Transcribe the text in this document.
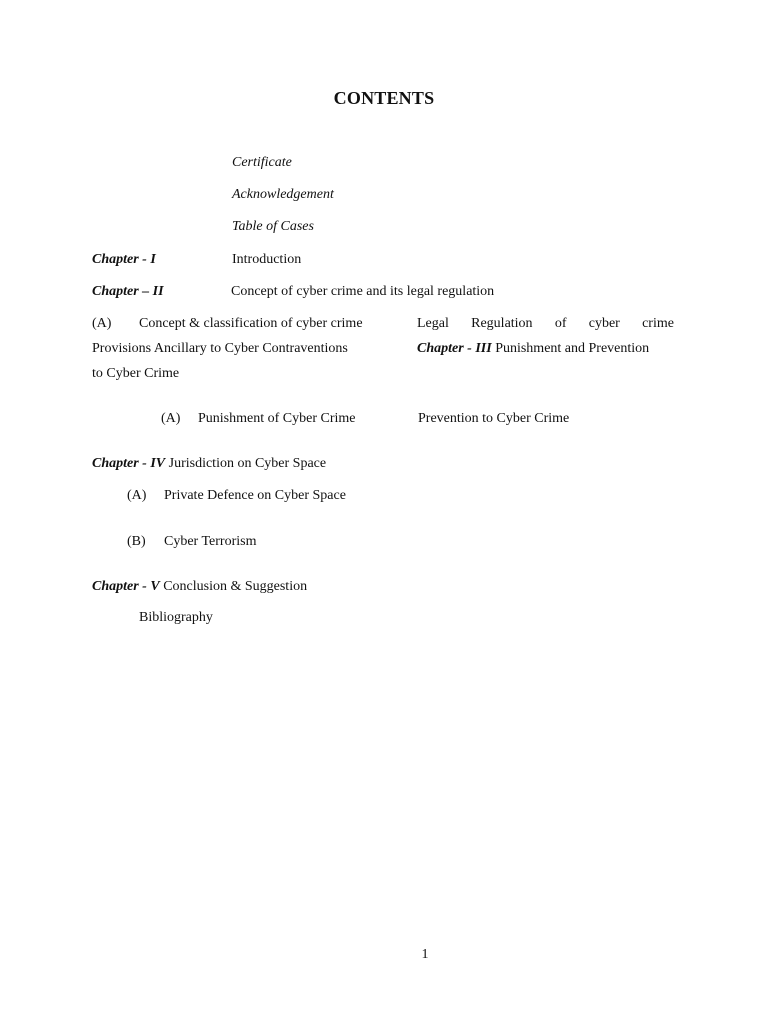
CONTENTS
Certificate
Acknowledgement
Table of Cases
Chapter - I	Introduction
Chapter – II	Concept of cyber crime and its legal regulation
(A) Concept & classification of cyber crime	Legal Regulation of cyber crime
Provisions Ancillary to Cyber Contraventions	Chapter - III Punishment and Prevention
to Cyber Crime
(A) Punishment of Cyber Crime	Prevention to Cyber Crime
Chapter - IV Jurisdiction on Cyber Space
(A) Private Defence on Cyber Space
(B) Cyber Terrorism
Chapter - V Conclusion & Suggestion
Bibliography
1
